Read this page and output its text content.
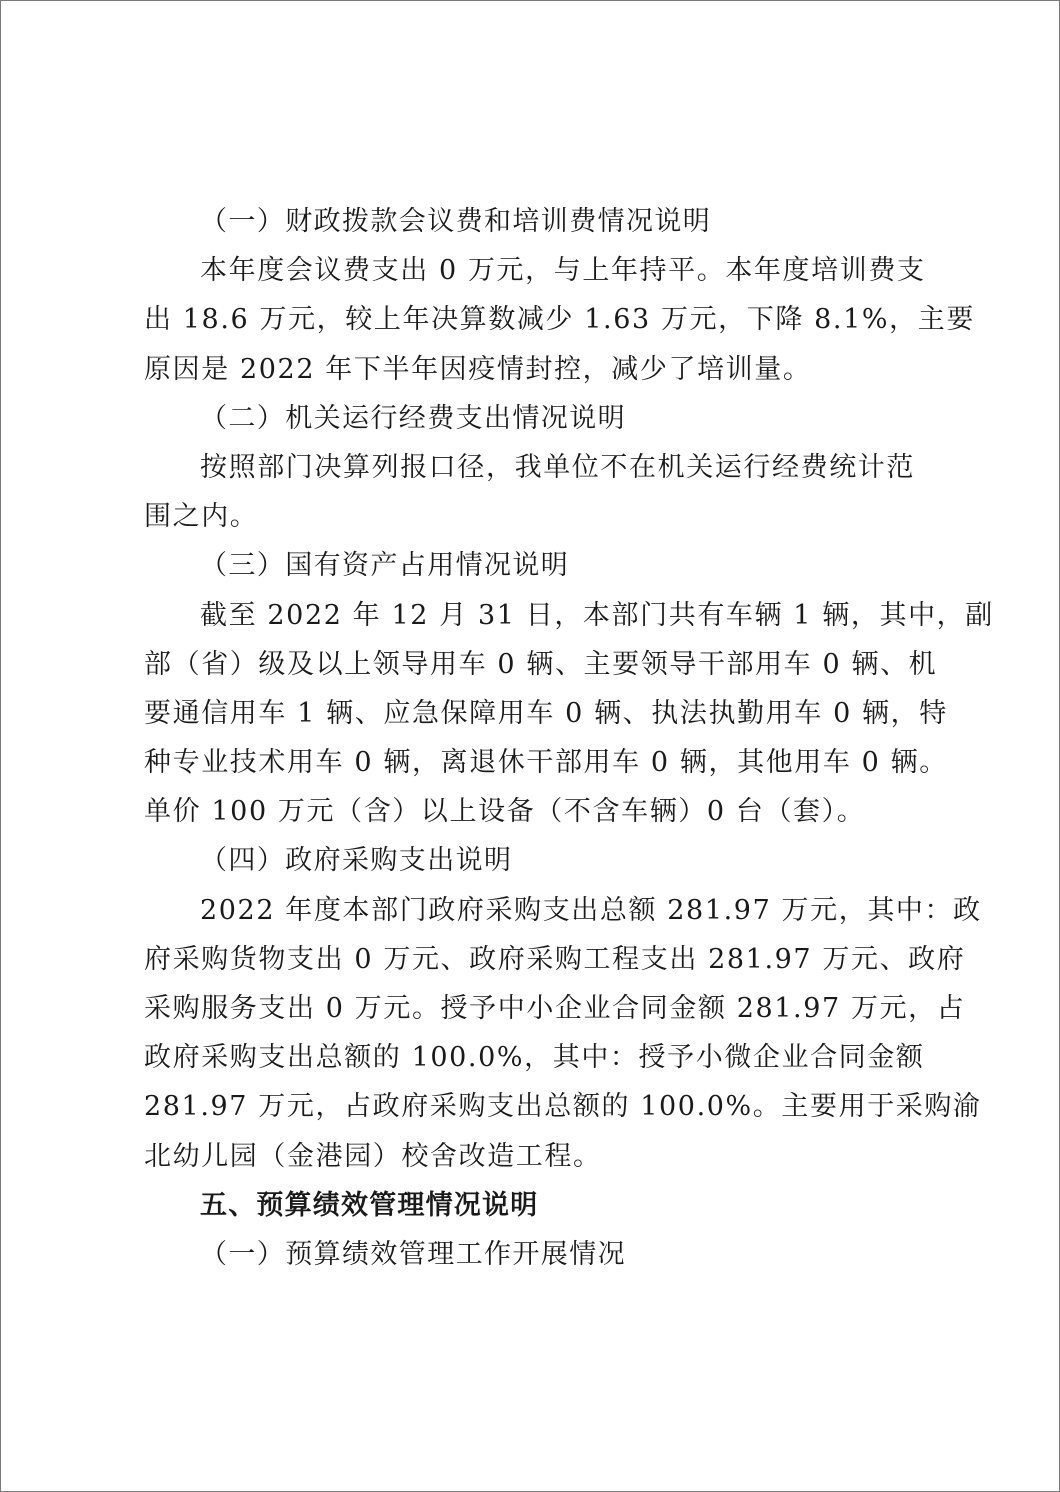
（一）财政拨款会议费和培训费情况说明
本年度会议费支出 0 万元，与上年持平。本年度培训费支
出 18.6 万元，较上年决算数减少 1.63 万元，下降 8.1%，主要
原因是 2022 年下半年因疫情封控，减少了培训量。
（二）机关运行经费支出情况说明
按照部门决算列报口径，我单位不在机关运行经费统计范
围之内。
（三）国有资产占用情况说明
截至 2022 年 12 月 31 日，本部门共有车辆 1 辆，其中，副
部（省）级及以上领导用车 0 辆、主要领导干部用车 0 辆、机
要通信用车 1 辆、应急保障用车 0 辆、执法执勤用车 0 辆，特
种专业技术用车 0 辆，离退休干部用车 0 辆，其他用车 0 辆。
单价 100 万元（含）以上设备（不含车辆）0 台（套）。
（四）政府采购支出说明
2022 年度本部门政府采购支出总额 281.97 万元，其中：政
府采购货物支出 0 万元、政府采购工程支出 281.97 万元、政府
采购服务支出 0 万元。授予中小企业合同金额 281.97 万元，占
政府采购支出总额的 100.0%，其中：授予小微企业合同金额
281.97 万元，占政府采购支出总额的 100.0%。主要用于采购渝
北幼儿园（金港园）校舍改造工程。
五、预算绩效管理情况说明
（一）预算绩效管理工作开展情况
